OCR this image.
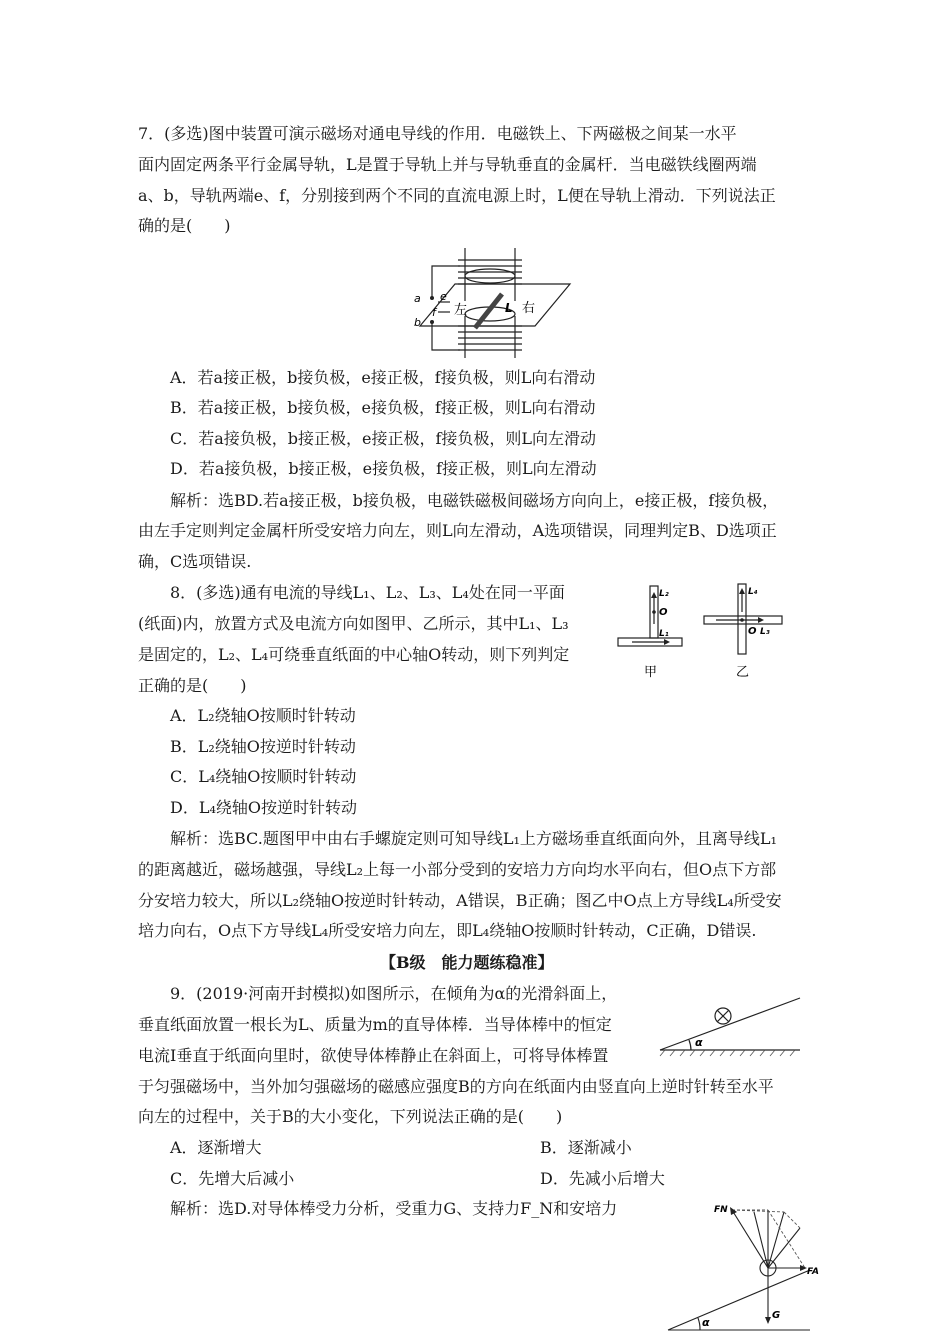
7．(多选)图中装置可演示磁场对通电导线的作用．电磁铁上、下两磁极之间某一水平
面内固定两条平行金属导轨，L是置于导轨上并与导轨垂直的金属杆．当电磁铁线圈两端
a、b，导轨两端e、f，分别接到两个不同的直流电源上时，L便在导轨上滑动．下列说法正
确的是(　　)
a
b
e
f 左	L 右
A．若a接正极，b接负极，e接正极，f接负极，则L向右滑动
B．若a接正极，b接负极，e接负极，f接正极，则L向右滑动
C．若a接负极，b接正极，e接正极，f接负极，则L向左滑动
D．若a接负极，b接正极，e接负极，f接正极，则L向左滑动
解析：选BD.若a接正极，b接负极，电磁铁磁极间磁场方向向上，e接正极，f接负极，
由左手定则判定金属杆所受安培力向左，则L向左滑动，A选项错误，同理判定B、D选项正
确，C选项错误.
8．(多选)通有电流的导线L₁、L₂、L₃、L₄处在同一平面
(纸面)内，放置方式及电流方向如图甲、乙所示，其中L₁、L₃
是固定的，L₂、L₄可绕垂直纸面的中心轴O转动，则下列判定
正确的是(　　)
L₂
O
L₁
L₄
O L₃
甲	乙
A．L₂绕轴O按顺时针转动
B．L₂绕轴O按逆时针转动
C．L₄绕轴O按顺时针转动
D．L₄绕轴O按逆时针转动
解析：选BC.题图甲中由右手螺旋定则可知导线L₁上方磁场垂直纸面向外，且离导线L₁
的距离越近，磁场越强，导线L₂上每一小部分受到的安培力方向均水平向右，但O点下方部
分安培力较大，所以L₂绕轴O按逆时针转动，A错误，B正确；图乙中O点上方导线L₄所受安
培力向右，O点下方导线L₄所受安培力向左，即L₄绕轴O按顺时针转动，C正确，D错误.
【B级　能力题练稳准】
9．(2019·河南开封模拟)如图所示，在倾角为α的光滑斜面上，
垂直纸面放置一根长为L、质量为m的直导体棒．当导体棒中的恒定
电流I垂直于纸面向里时，欲使导体棒静止在斜面上，可将导体棒置
于匀强磁场中，当外加匀强磁场的磁感应强度B的方向在纸面内由竖直向上逆时针转至水平
向左的过程中，关于B的大小变化，下列说法正确的是(　　)
α
A．逐渐增大	B．逐渐减小
C．先增大后减小	D．先减小后增大
解析：选D.对导体棒受力分析，受重力G、支持力F_N和安培力	FN
FA
G
α
